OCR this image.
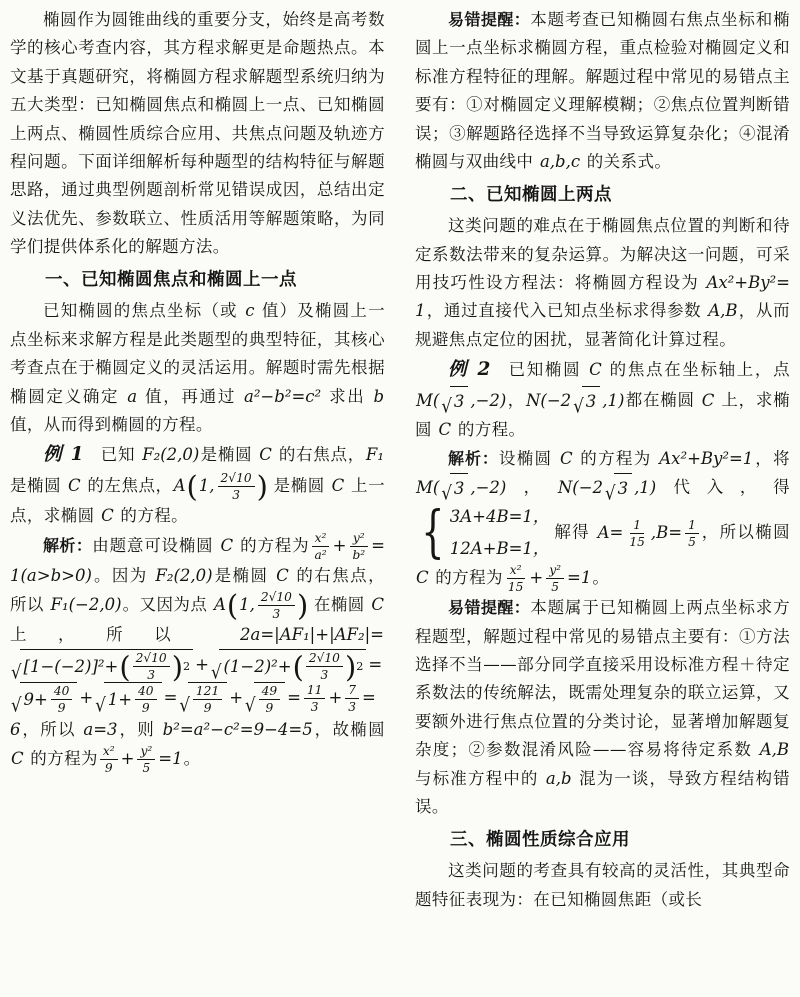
椭圆作为圆锥曲线的重要分支，始终是高考数学的核心考查内容，其方程求解更是命题热点。本文基于真题研究，将椭圆方程求解题型系统归纳为五大类型：已知椭圆焦点和椭圆上一点、已知椭圆上两点、椭圆性质综合应用、共焦点问题及轨迹方程问题。下面详细解析每种题型的结构特征与解题思路，通过典型例题剖析常见错误成因，总结出定义法优先、参数联立、性质活用等解题策略，为同学们提供体系化的解题方法。
一、已知椭圆焦点和椭圆上一点
已知椭圆的焦点坐标（或 c 值）及椭圆上一点坐标来求解方程是此类题型的典型特征，其核心考查点在于椭圆定义的灵活运用。解题时需先根据椭圆定义确定 a 值，再通过 a²−b²=c² 求出 b 值，从而得到椭圆的方程。
例 1 已知 F₂(2,0)是椭圆 C 的右焦点，F₁ 是椭圆 C 的左焦点，A(1, $\frac{2√10}{3}$ ) 是椭圆 C 上一点，求椭圆 C 的方程。
解析：由题意可设椭圆 C 的方程为 $\frac{\text{x²}}{\text{a²}} + \frac{\text{y²}}{\text{b²}} =1(a>b>0)$。因为 F₂(2,0)是椭圆 C 的右焦点，所以 F₁(−2,0)。又因为点 A(1, $\frac{2√10}{3}$ ) 在椭圆 C 上，所以 2a=|AF₁|+|AF₂|=
√ [1−(−2)]²+ ( $\frac{2√10}{3}$ ) 2 + √ (1−2)²+ ( $\frac{2√10}{3}$ ) 2 =
√ $9+ \frac{40}{9}$ + √ $1+ \frac{40}{9}$ = √ $\frac{121}{9}$ + √ $\frac{49}{9} = \frac{11}{3} + \frac{7}{3} =6$，所以 a=3，则 b²=a²−c²=9−4=5，故椭圆 C 的方程为 $\frac{\text{x²}}{9} + \frac{\text{y²}}{5} =1$。
易错提醒：本题考查已知椭圆右焦点坐标和椭圆上一点坐标求椭圆方程，重点检验对椭圆定义和标准方程特征的理解。解题过程中常见的易错点主要有：①对椭圆定义理解模糊；②焦点位置判断错误；③解题路径选择不当导致运算复杂化；④混淆椭圆与双曲线中 a,b,c 的关系式。
二、已知椭圆上两点
这类问题的难点在于椭圆焦点位置的判断和待定系数法带来的复杂运算。为解决这一问题，可采用技巧性设方程法：将椭圆方程设为 Ax²+By²=1，通过直接代入已知点坐标求得参数 A,B，从而规避焦点定位的困扰，显著简化计算过程。
例 2 已知椭圆 C 的焦点在坐标轴上，点 M( √ 3 ,−2)，N(−2 √ 3 ,1)都在椭圆 C 上，求椭圆 C 的方程。
解析：设椭圆 C 的方程为 Ax²+By²=1，将 M( √ 3 ,−2)，N(−2 √ 3 ,1)代入，得
{ 3A+4B=1，
12A+B=1，
解得 $A= \frac{1}{15} ,B= \frac{1}{5}$ ，所以椭圆 C 的方程为 $\frac{\text{x²}}{15} + \frac{\text{y²}}{5} =1$。
易错提醒：本题属于已知椭圆上两点坐标求方程题型，解题过程中常见的易错点主要有：①方法选择不当——部分同学直接采用设标准方程＋待定系数法的传统解法，既需处理复杂的联立运算，又要额外进行焦点位置的分类讨论，显著增加解题复杂度；②参数混淆风险——容易将待定系数 A,B 与标准方程中的 a,b 混为一谈，导致方程结构错误。
三、椭圆性质综合应用
这类问题的考查具有较高的灵活性，其典型命题特征表现为：在已知椭圆焦距（或长
